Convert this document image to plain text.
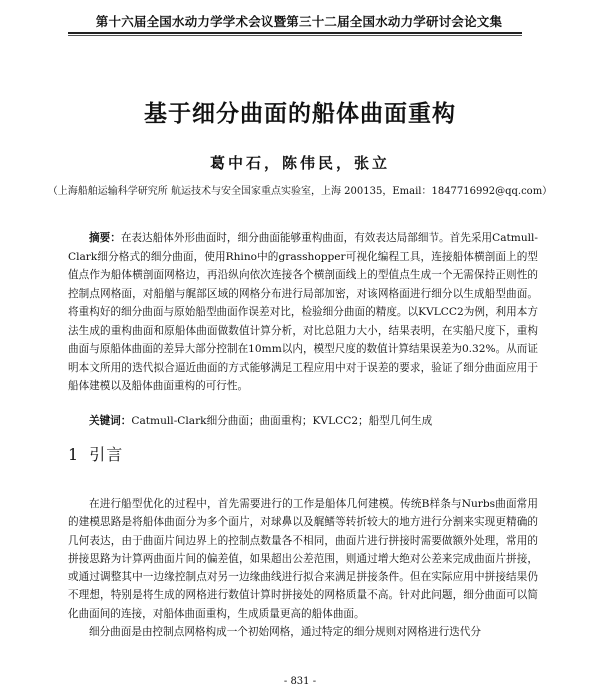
第十六届全国水动力学学术会议暨第三十二届全国水动力学研讨会论文集
基于细分曲面的船体曲面重构
葛中石，陈伟民，张立
（上海船舶运输科学研究所 航运技术与安全国家重点实验室，上海 200135，Email：1847716992@qq.com）
摘要：在表达船体外形曲面时，细分曲面能够重构曲面，有效表达局部细节。首先采用Catmull-Clark细分格式的细分曲面，使用Rhino中的grasshopper可视化编程工具，连接船体横剖面上的型值点作为船体横剖面网格边，再沿纵向依次连接各个横剖面线上的型值点生成一个无需保持正则性的控制点网格面，对船艏与艉部区域的网格分布进行局部加密，对该网格面进行细分以生成船型曲面。将重构好的细分曲面与原始船型曲面作误差对比，检验细分曲面的精度。以KVLCC2为例，利用本方法生成的重构曲面和原船体曲面做数值计算分析，对比总阻力大小，结果表明，在实船尺度下，重构曲面与原船体曲面的差异大部分控制在10mm以内，模型尺度的数值计算结果误差为0.32%。从而证明本文所用的迭代拟合逼近曲面的方式能够满足工程应用中对于误差的要求，验证了细分曲面应用于船体建模以及船体曲面重构的可行性。
关键词：Catmull-Clark细分曲面；曲面重构；KVLCC2；船型几何生成
1 引言

在进行船型优化的过程中，首先需要进行的工作是船体几何建模。传统B样条与Nurbs曲面常用的建模思路是将船体曲面分为多个面片，对球鼻以及艉鳍等转折较大的地方进行分割来实现更精确的几何表达，由于曲面片间边界上的控制点数量各不相同，曲面片进行拼接时需要做额外处理，常用的拼接思路为计算两曲面片间的偏差值，如果超出公差范围，则通过增大绝对公差来完成曲面片拼接，或通过调整其中一边缘控制点对另一边缘曲线进行拟合来满足拼接条件。但在实际应用中拼接结果仍不理想，特别是将生成的网格进行数值计算时拼接处的网格质量不高。针对此问题，细分曲面可以简化曲面间的连接，对船体曲面重构，生成质量更高的船体曲面。

细分曲面是由控制点网格构成一个初始网格，通过特定的细分规则对网格进行迭代分

- 831 -
